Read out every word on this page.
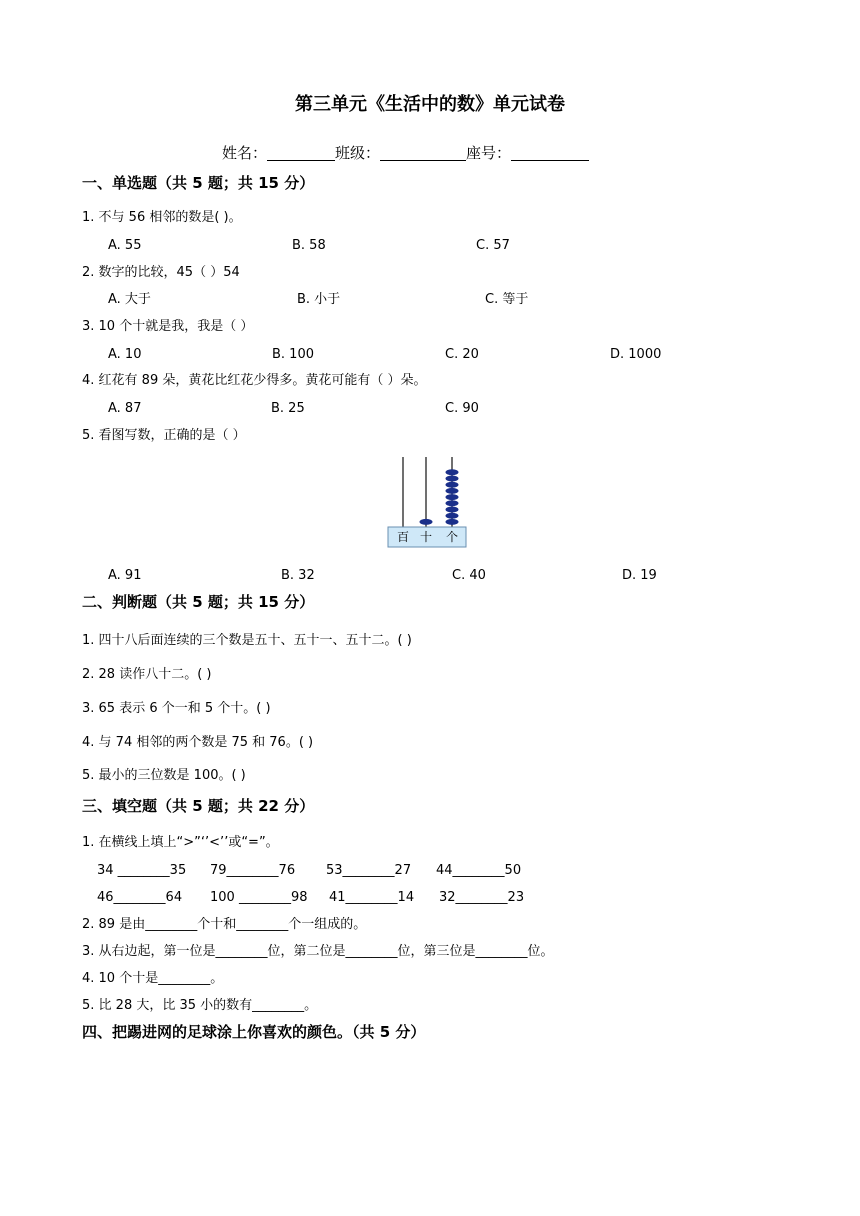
第三单元《生活中的数》单元试卷
姓名：	班级：	座号：
一、单选题（共 5 题；共 15 分）
1. 不与 56 相邻的数是( )。
A. 55	B. 58	C. 57
2. 数字的比较，45（ ）54
A. 大于	B. 小于	C. 等于
3. 10 个十就是我，我是（ ）
A. 10	B. 100	C. 20	D. 1000
4. 红花有 89 朵，黄花比红花少得多。黄花可能有（ ）朵。
A. 87	B. 25	C. 90
5. 看图写数，正确的是（ ）
百 十 个
A. 91	B. 32	C. 40	D. 19
二、判断题（共 5 题；共 15 分）
1. 四十八后面连续的三个数是五十、五十一、五十二。( )
2. 28 读作八十二。( )
3. 65 表示 6 个一和 5 个十。( )
4. 与 74 相邻的两个数是 75 和 76。( )
5. 最小的三位数是 100。( )
三、填空题（共 5 题；共 22 分）
1. 在横线上填上“>”‘’<’’或“=”。
34 ________35 79________76 53________27 44________50
46________64 100 ________98 41________14 32________23
2. 89 是由________个十和________个一组成的。
3. 从右边起，第一位是________位，第二位是________位，第三位是________位。
4. 10 个十是________。
5. 比 28 大，比 35 小的数有________。
四、把踢进网的足球涂上你喜欢的颜色。（共 5 分）
